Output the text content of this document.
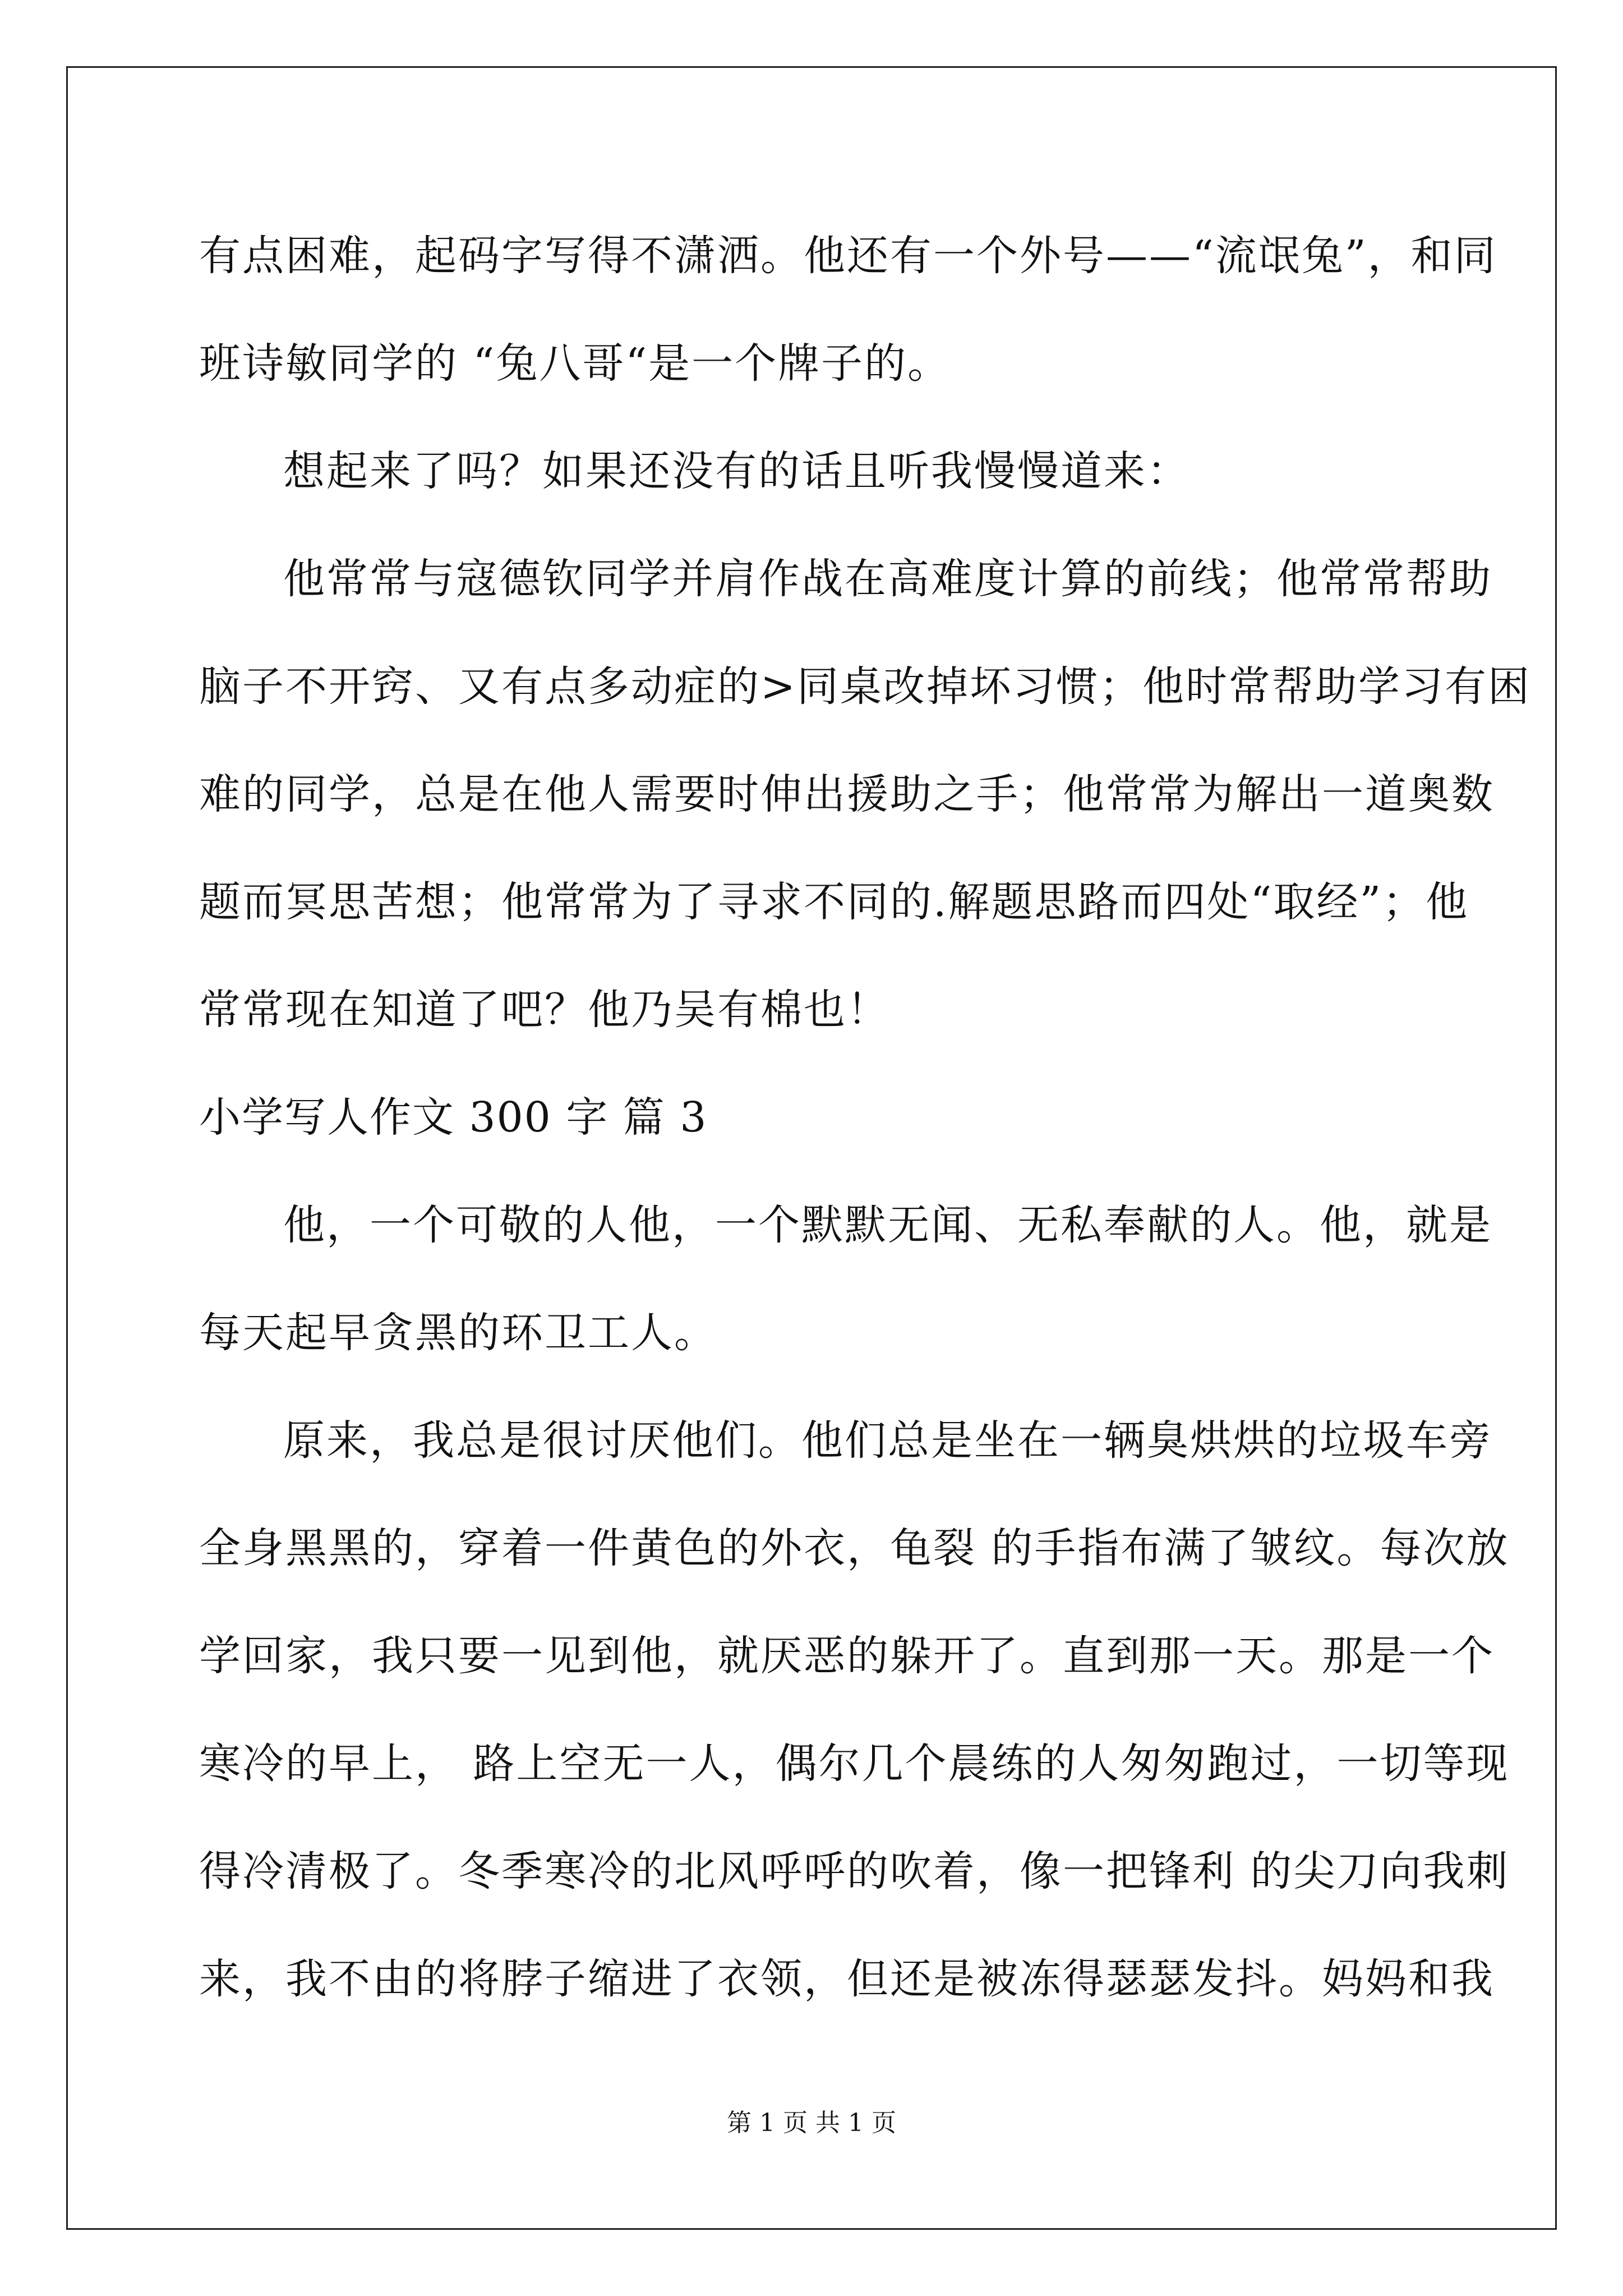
有点困难，起码字写得不潇洒。他还有一个外号——“流氓兔”，和同
班诗敏同学的 “兔八哥“是一个牌子的。
想起来了吗？如果还没有的话且听我慢慢道来：
他常常与寇德钦同学并肩作战在高难度计算的前线；他常常帮助
脑子不开窍、又有点多动症的>同桌改掉坏习惯；他时常帮助学习有困
难的同学，总是在他人需要时伸出援助之手；他常常为解出一道奥数
题而冥思苦想；他常常为了寻求不同的.解题思路而四处“取经”；他
常常现在知道了吧？他乃吴有棉也！
小学写人作文 300 字 篇 3
他，一个可敬的人他，一个默默无闻、无私奉献的人。他，就是
每天起早贪黑的环卫工人。
原来，我总是很讨厌他们。他们总是坐在一辆臭烘烘的垃圾车旁
全身黑黑的，穿着一件黄色的外衣，龟裂 的手指布满了皱纹。每次放
学回家，我只要一见到他，就厌恶的躲开了。直到那一天。那是一个
寒冷的早上， 路上空无一人，偶尔几个晨练的人匆匆跑过，一切等现
得冷清极了。冬季寒冷的北风呼呼的吹着，像一把锋利 的尖刀向我刺
来，我不由的将脖子缩进了衣领，但还是被冻得瑟瑟发抖。妈妈和我
第 1 页 共 1 页
